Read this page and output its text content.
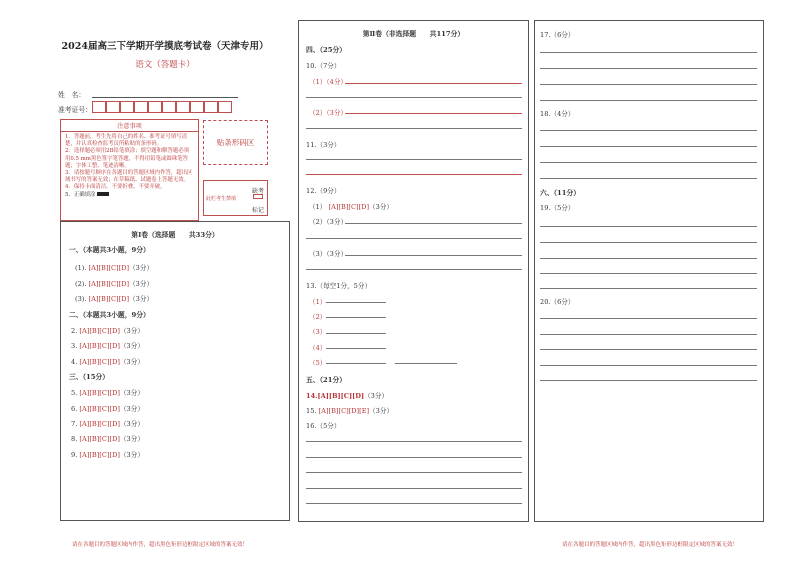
2024届高三下学期开学摸底考试卷（天津专用）
语文（答题卡）
姓　名：
准考证号：
注意事项
1．答题前，考生先将自己的姓名、准考证号填写清楚，并认真检查监考员所粘贴的条形码。
2．选择题必须用2B铅笔填涂；填空题和解答题必须用0.5 mm黑色签字笔答题，不得用铅笔或圆珠笔答题；字体工整、笔迹清晰。
3．请按题号顺序在各题目的答题区域内作答，超出区域书写的答案无效；在草稿纸、试题卷上答题无效。
4．保持卡面清洁，不要折叠、不要弄破。
5．正确填涂
贴条形码区
此栏考生禁填
缺考
标记
第Ⅰ卷（选择题　　共33分）
一、（本题共3小题，9分）
(1). [A][B][C][D]（3分）
(2). [A][B][C][D]（3分）
(3). [A][B][C][D]（3分）
二、（本题共3小题，9分）
2. [A][B][C][D]（3分）
3. [A][B][C][D]（3分）
4. [A][B][C][D]（3分）
三、（15分）
5. [A][B][C][D]（3分）
6. [A][B][C][D]（3分）
7. [A][B][C][D]（3分）
8. [A][B][C][D]（3分）
9. [A][B][C][D]（3分）
请在各题目的答题区域内作答，超出黑色矩形边框限定区域的答案无效！
第Ⅱ卷（非选择题　　共117分）
四、（25分）
10.（7分）
（1）（4分）
（2）（3分）
11.（3分）
12.（9分）
（1） [A][B][C][D]（3分）
（2）（3分）
（3）（3分）
13.（每空1分，5分）
（1）
（2）
（3）
（4）
（5）
五、（21分）
14.[A][B][C][D]（3分）
15. [A][B][C][D][E]（3分）
16.（5分）
17.（6分）
18.（4分）
六、（11分）
19.（5分）
20.（6分）
请在各题目的答题区域内作答，超出黑色矩形边框限定区域的答案无效！
